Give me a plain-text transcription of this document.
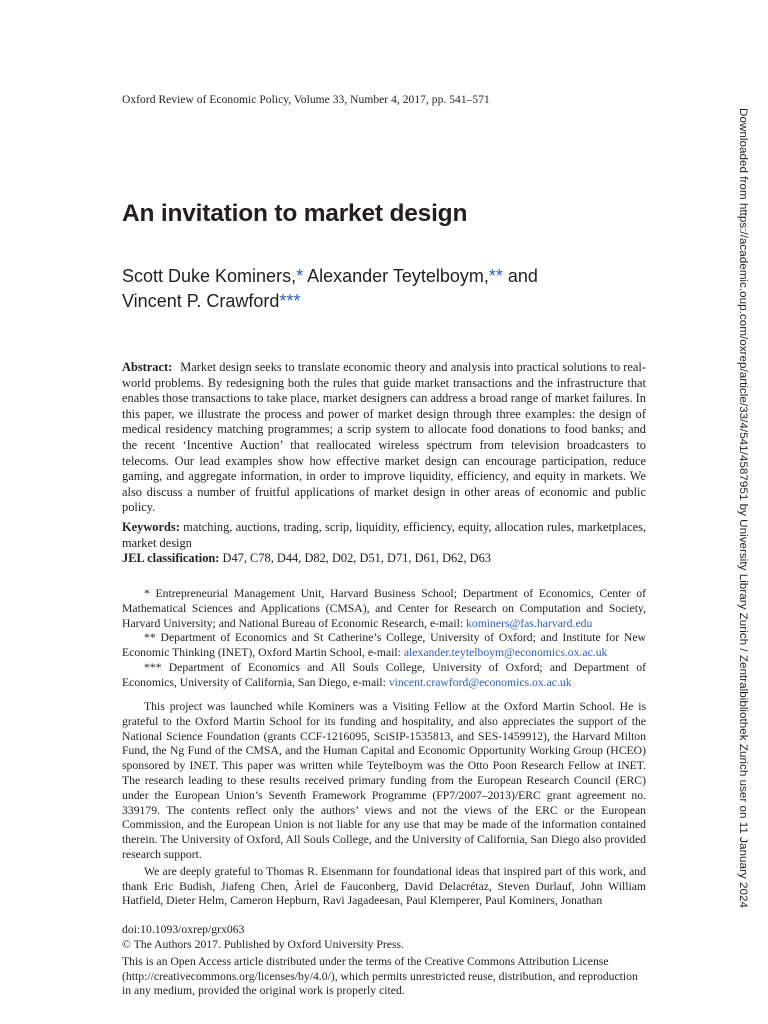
Oxford Review of Economic Policy, Volume 33, Number 4, 2017, pp. 541–571
An invitation to market design
Scott Duke Kominers,* Alexander Teytelboym,** and
Vincent P. Crawford***

Abstract: Market design seeks to translate economic theory and analysis into practical solutions to real-world problems. By redesigning both the rules that guide market transactions and the infrastructure that enables those transactions to take place, market designers can address a broad range of market failures. In this paper, we illustrate the process and power of market design through three examples: the design of medical residency matching programmes; a scrip system to allocate food donations to food banks; and the recent ‘Incentive Auction’ that reallocated wireless spectrum from television broadcasters to telecoms. Our lead examples show how effective market design can encourage participation, reduce gaming, and aggregate information, in order to improve liquidity, efficiency, and equity in markets. We also discuss a number of fruitful applications of market design in other areas of economic and public policy.

Keywords: matching, auctions, trading, scrip, liquidity, efficiency, equity, allocation rules, marketplaces, market design

JEL classification: D47, C78, D44, D82, D02, D51, D71, D61, D62, D63

* Entrepreneurial Management Unit, Harvard Business School; Department of Economics, Center of Mathematical Sciences and Applications (CMSA), and Center for Research on Computation and Society, Harvard University; and National Bureau of Economic Research, e-mail: kominers@fas.harvard.edu

** Department of Economics and St Catherine’s College, University of Oxford; and Institute for New Economic Thinking (INET), Oxford Martin School, e-mail: alexander.teytelboym@economics.ox.ac.uk

*** Department of Economics and All Souls College, University of Oxford; and Department of Economics, University of California, San Diego, e-mail: vincent.crawford@economics.ox.ac.uk

This project was launched while Kominers was a Visiting Fellow at the Oxford Martin School. He is grateful to the Oxford Martin School for its funding and hospitality, and also appreciates the support of the National Science Foundation (grants CCF-1216095, SciSIP-1535813, and SES-1459912), the Harvard Milton Fund, the Ng Fund of the CMSA, and the Human Capital and Economic Opportunity Working Group (HCEO) sponsored by INET. This paper was written while Teytelboym was the Otto Poon Research Fellow at INET. The research leading to these results received primary funding from the European Research Council (ERC) under the European Union’s Seventh Framework Programme (FP7/2007–2013)/ERC grant agreement no. 339179. The contents reflect only the authors’ views and not the views of the ERC or the European Commission, and the European Union is not liable for any use that may be made of the information contained therein. The University of Oxford, All Souls College, and the University of California, San Diego also provided research support.

We are deeply grateful to Thomas R. Eisenmann for foundational ideas that inspired part of this work, and thank Eric Budish, Jiafeng Chen, Àriel de Fauconberg, David Delacrétaz, Steven Durlauf, John William Hatfield, Dieter Helm, Cameron Hepburn, Ravi Jagadeesan, Paul Klemperer, Paul Kominers, Jonathan

doi:10.1093/oxrep/grx063

© The Authors 2017. Published by Oxford University Press.

This is an Open Access article distributed under the terms of the Creative Commons Attribution License (http://creativecommons.org/licenses/by/4.0/), which permits unrestricted reuse, distribution, and reproduction in any medium, provided the original work is properly cited.

Downloaded from https://academic.oup.com/oxrep/article/33/4/541/4587951 by University Library Zurich / Zentralbibliothek Zurich user on 11 January 2024
